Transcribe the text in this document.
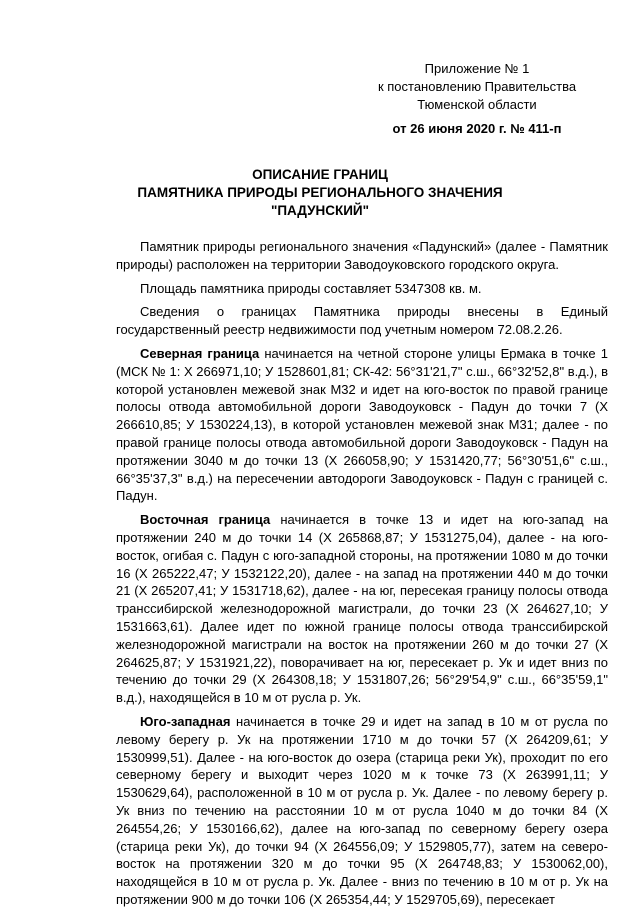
Приложение № 1
к постановлению Правительства
Тюменской области
от 26 июня 2020 г. № 411-п
ОПИСАНИЕ ГРАНИЦ
ПАМЯТНИКА ПРИРОДЫ РЕГИОНАЛЬНОГО ЗНАЧЕНИЯ
"ПАДУНСКИЙ"

Памятник природы регионального значения «Падунский» (далее - Памятник природы) расположен на территории Заводоуковского городского округа.

Площадь памятника природы составляет 5347308 кв. м.

Сведения о границах Памятника природы внесены в Единый государственный реестр недвижимости под учетным номером 72.08.2.26.

Северная граница начинается на четной стороне улицы Ермака в точке 1 (МСК № 1: Х 266971,10; У 1528601,81; СК-42: 56°31'21,7" с.ш., 66°32'52,8" в.д.), в которой установлен межевой знак М32 и идет на юго-восток по правой границе полосы отвода автомобильной дороги Заводоуковск - Падун до точки 7 (Х 266610,85; У 1530224,13), в которой установлен межевой знак М31; далее - по правой границе полосы отвода автомобильной дороги Заводоуковск - Падун на протяжении 3040 м до точки 13 (Х 266058,90; У 1531420,77; 56°30'51,6" с.ш., 66°35'37,3" в.д.) на пересечении автодороги Заводоуковск - Падун с границей с. Падун.

Восточная граница начинается в точке 13 и идет на юго-запад на протяжении 240 м до точки 14 (Х 265868,87; У 1531275,04), далее - на юго-восток, огибая с. Падун с юго-западной стороны, на протяжении 1080 м до точки 16 (Х 265222,47; У 1532122,20), далее - на запад на протяжении 440 м до точки 21 (Х 265207,41; У 1531718,62), далее - на юг, пересекая границу полосы отвода транссибирской железнодорожной магистрали, до точки 23 (Х 264627,10; У 1531663,61). Далее идет по южной границе полосы отвода транссибирской железнодорожной магистрали на восток на протяжении 260 м до точки 27 (Х 264625,87; У 1531921,22), поворачивает на юг, пересекает р. Ук и идет вниз по течению до точки 29 (Х 264308,18; У 1531807,26; 56°29'54,9" с.ш., 66°35'59,1" в.д.), находящейся в 10 м от русла р. Ук.

Юго-западная начинается в точке 29 и идет на запад в 10 м от русла по левому берегу р. Ук на протяжении 1710 м до точки 57 (Х 264209,61; У 1530999,51). Далее - на юго-восток до озера (старица реки Ук), проходит по его северному берегу и выходит через 1020 м к точке 73 (Х 263991,11; У 1530629,64), расположенной в 10 м от русла р. Ук. Далее - по левому берегу р. Ук вниз по течению на расстоянии 10 м от русла 1040 м до точки 84 (Х 264554,26; У 1530166,62), далее на юго-запад по северному берегу озера (старица реки Ук), до точки 94 (Х 264556,09; У 1529805,77), затем на северо-восток на протяжении 320 м до точки 95 (Х 264748,83; У 1530062,00), находящейся в 10 м от русла р. Ук. Далее - вниз по течению в 10 м от р. Ук на протяжении 900 м до точки 106 (Х 265354,44; У 1529705,69), пересекает
